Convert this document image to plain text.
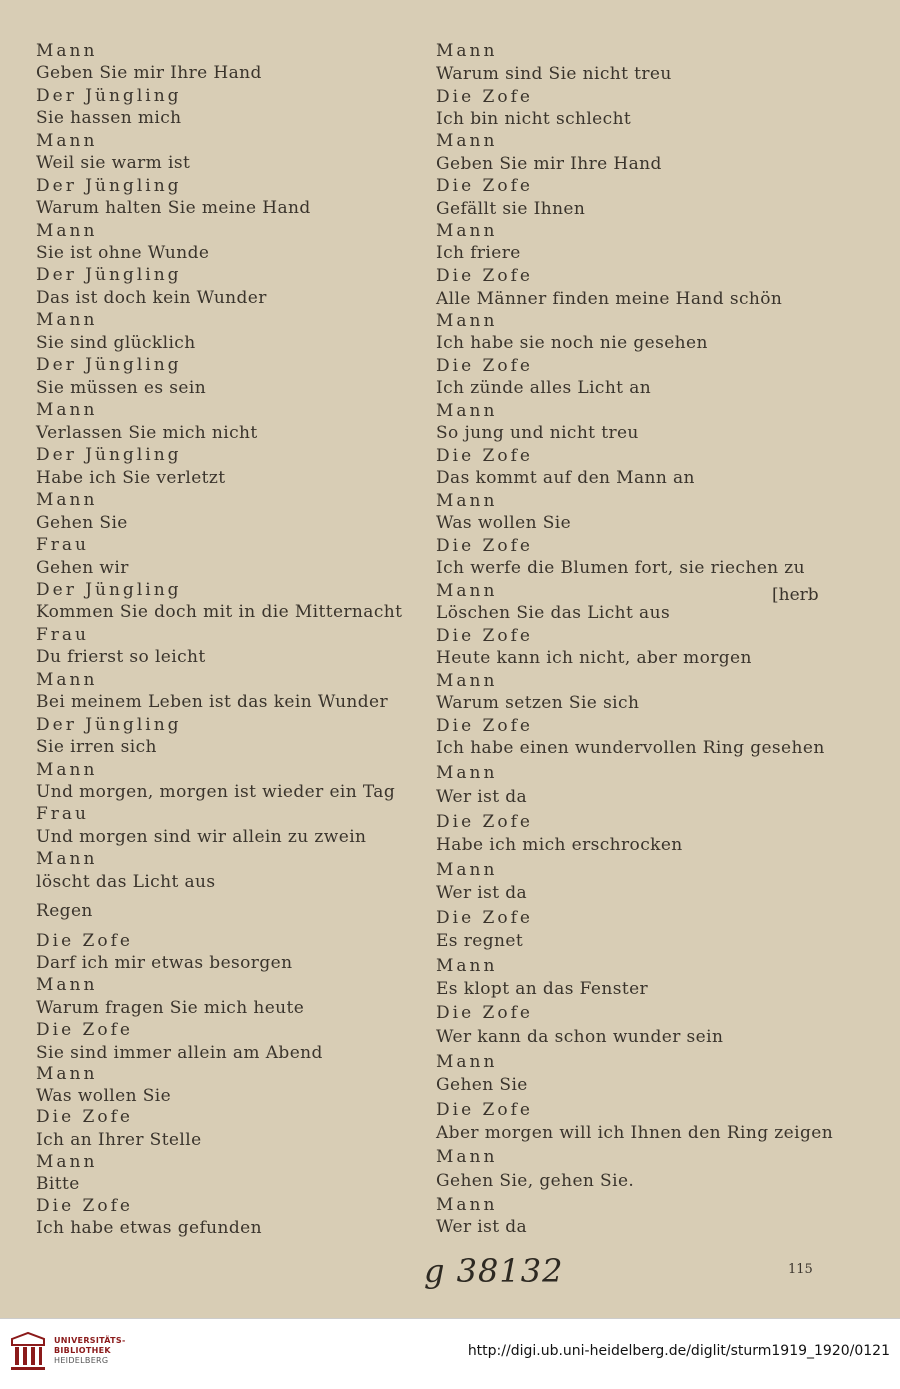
Mann
Geben Sie mir Ihre Hand
Der Jüngling
Sie hassen mich
Mann
Weil sie warm ist
Der Jüngling
Warum halten Sie meine Hand
Mann
Sie ist ohne Wunde
Der Jüngling
Das ist doch kein Wunder
Mann
Sie sind glücklich
Der Jüngling
Sie müssen es sein
Mann
Verlassen Sie mich nicht
Der Jüngling
Habe ich Sie verletzt
Mann
Gehen Sie
Frau
Gehen wir
Der Jüngling
Kommen Sie doch mit in die Mitternacht
Frau
Du frierst so leicht
Mann
Bei meinem Leben ist das kein Wunder
Der Jüngling
Sie irren sich
Mann
Und morgen, morgen ist wieder ein Tag
Frau
Und morgen sind wir allein zu zwein
Mann
löscht das Licht aus
Regen
Die Zofe
Darf ich mir etwas besorgen
Mann
Warum fragen Sie mich heute
Die Zofe
Sie sind immer allein am Abend
Mann
Was wollen Sie
Die Zofe
Ich an Ihrer Stelle
Mann
Bitte
Die Zofe
Ich habe etwas gefunden
Mann
Warum sind Sie nicht treu
Die Zofe
Ich bin nicht schlecht
Mann
Geben Sie mir Ihre Hand
Die Zofe
Gefällt sie Ihnen
Mann
Ich friere
Die Zofe
Alle Männer finden meine Hand schön
Mann
Ich habe sie noch nie gesehen
Die Zofe
Ich zünde alles Licht an
Mann
So jung und nicht treu
Die Zofe
Das kommt auf den Mann an
Mann
Was wollen Sie
Die Zofe
Ich werfe die Blumen fort, sie riechen zu
Mann
Löschen Sie das Licht aus
Die Zofe
Heute kann ich nicht, aber morgen
Mann
Warum setzen Sie sich
Die Zofe
Ich habe einen wundervollen Ring gesehen
Mann
Wer ist da
Die Zofe
Habe ich mich erschrocken
Mann
Wer ist da
Die Zofe
Es regnet
Mann
Es klopt an das Fenster
Die Zofe
Wer kann da schon wunder sein
Mann
Gehen Sie
Die Zofe
Aber morgen will ich Ihnen den Ring zeigen
Mann
Gehen Sie, gehen Sie.
Mann
Wer ist da
[herb
g 38132	115
UNIVERSITÄTS-
BIBLIOTHEK
HEIDELBERG
http://digi.ub.uni-heidelberg.de/diglit/sturm1919_1920/0121
